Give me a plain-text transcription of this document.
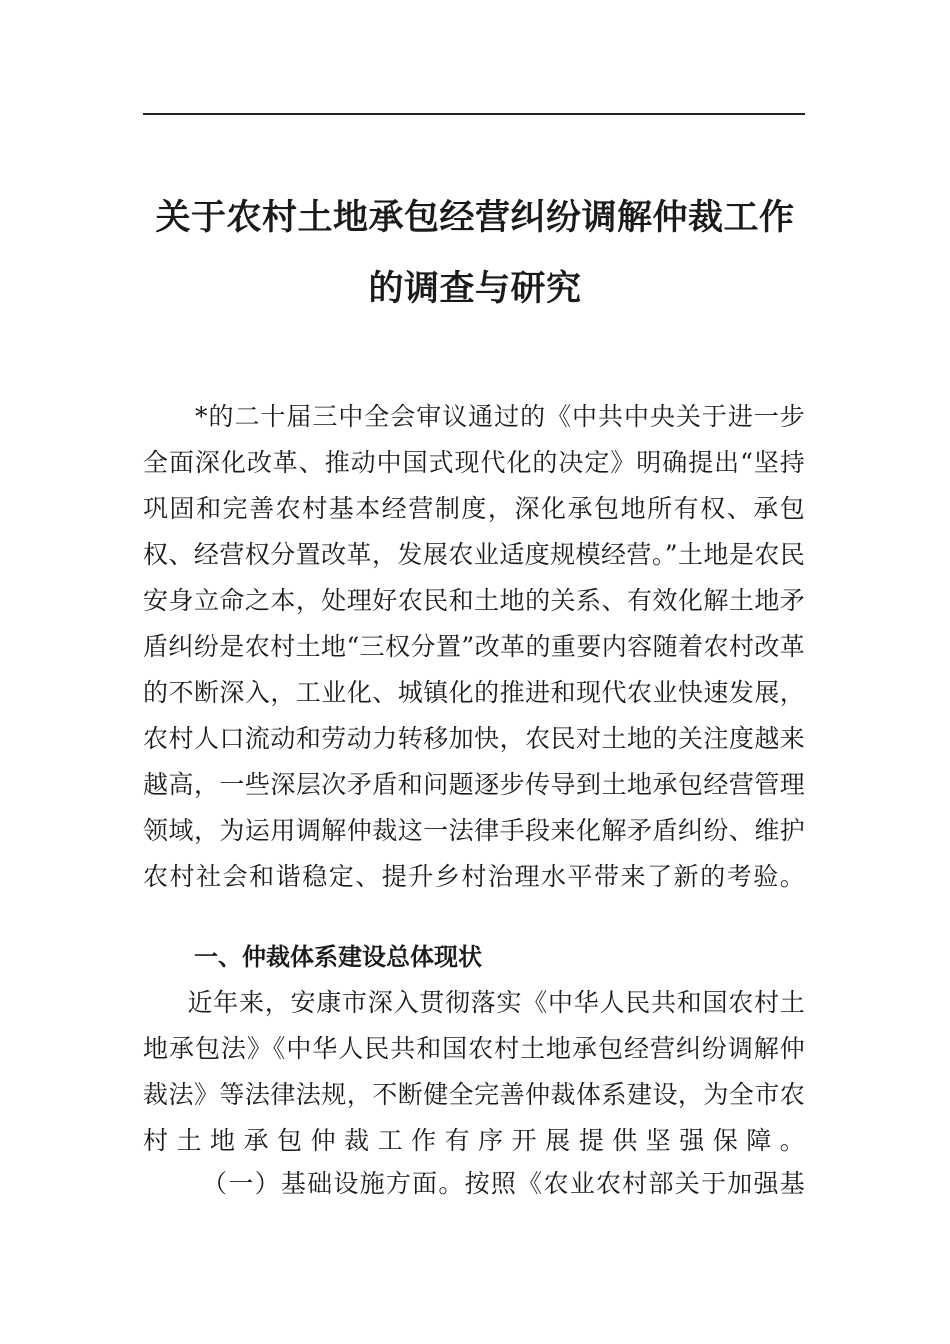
关于农村土地承包经营纠纷调解仲裁工作
的调查与研究
*的二十届三中全会审议通过的《中共中央关于进一步全面深化改革、推动中国式现代化的决定》明确提出“坚持巩固和完善农村基本经营制度，深化承包地所有权、承包权、经营权分置改革，发展农业适度规模经营。”土地是农民安身立命之本，处理好农民和土地的关系、有效化解土地矛盾纠纷是农村土地“三权分置”改革的重要内容随着农村改革的不断深入，工业化、城镇化的推进和现代农业快速发展，农村人口流动和劳动力转移加快，农民对土地的关注度越来越高，一些深层次矛盾和问题逐步传导到土地承包经营管理领域，为运用调解仲裁这一法律手段来化解矛盾纠纷、维护农村社会和谐稳定、提升乡村治理水平带来了新的考验。
一、仲裁体系建设总体现状
近年来，安康市深入贯彻落实《中华人民共和国农村土地承包法》《中华人民共和国农村土地承包经营纠纷调解仲裁法》等法律法规，不断健全完善仲裁体系建设，为全市农村土地承包仲裁工作有序开展提供坚强保障。
（一）基础设施方面。按照《农业农村部关于加强基
